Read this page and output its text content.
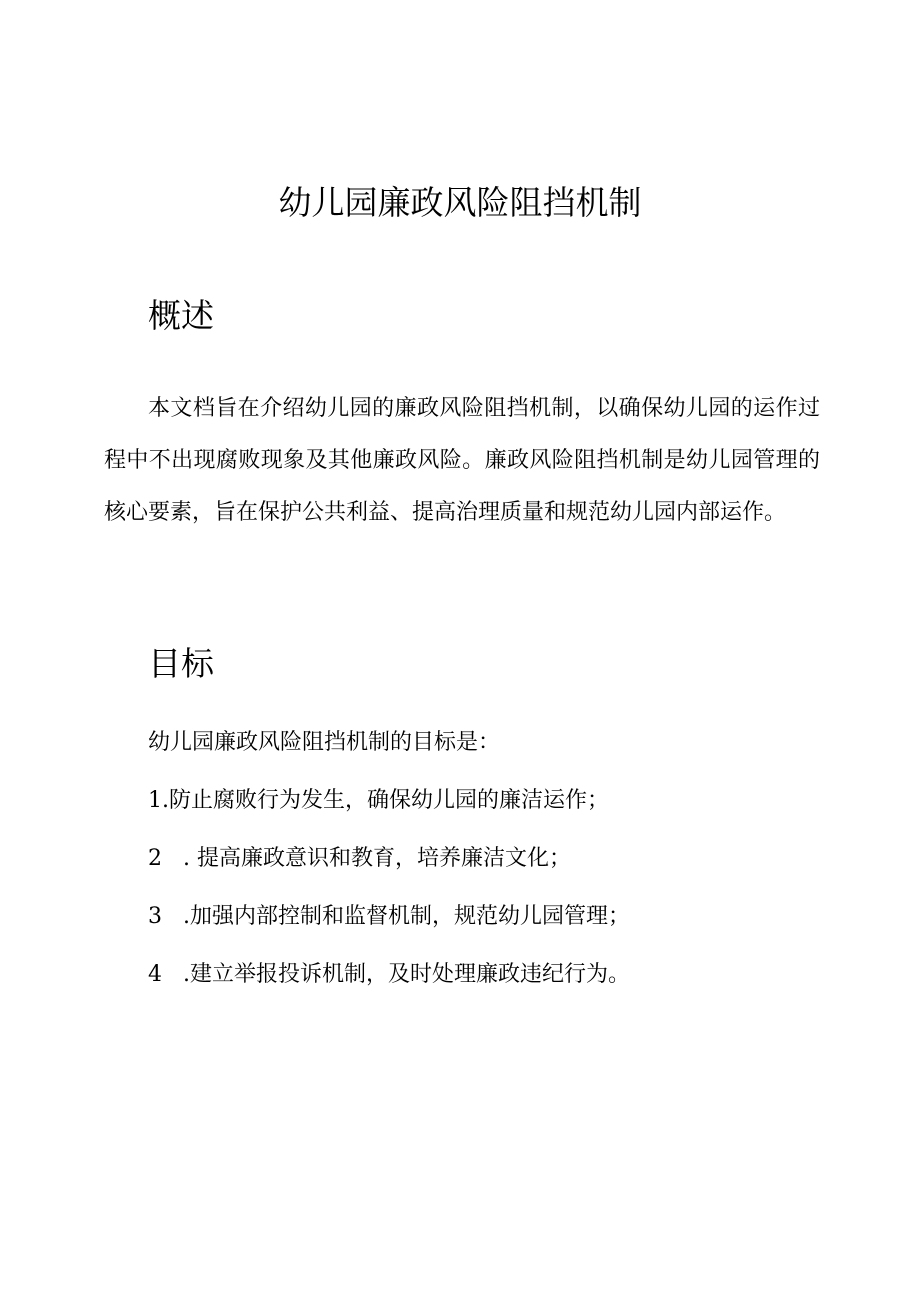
幼儿园廉政风险阻挡机制
概述

本文档旨在介绍幼儿园的廉政风险阻挡机制，以确保幼儿园的运作过程中不出现腐败现象及其他廉政风险。廉政风险阻挡机制是幼儿园管理的核心要素，旨在保护公共利益、提高治理质量和规范幼儿园内部运作。

目标

幼儿园廉政风险阻挡机制的目标是：

1.防止腐败行为发生，确保幼儿园的廉洁运作；

2 . 提高廉政意识和教育，培养廉洁文化；

3 .加强内部控制和监督机制，规范幼儿园管理；

4 .建立举报投诉机制，及时处理廉政违纪行为。
